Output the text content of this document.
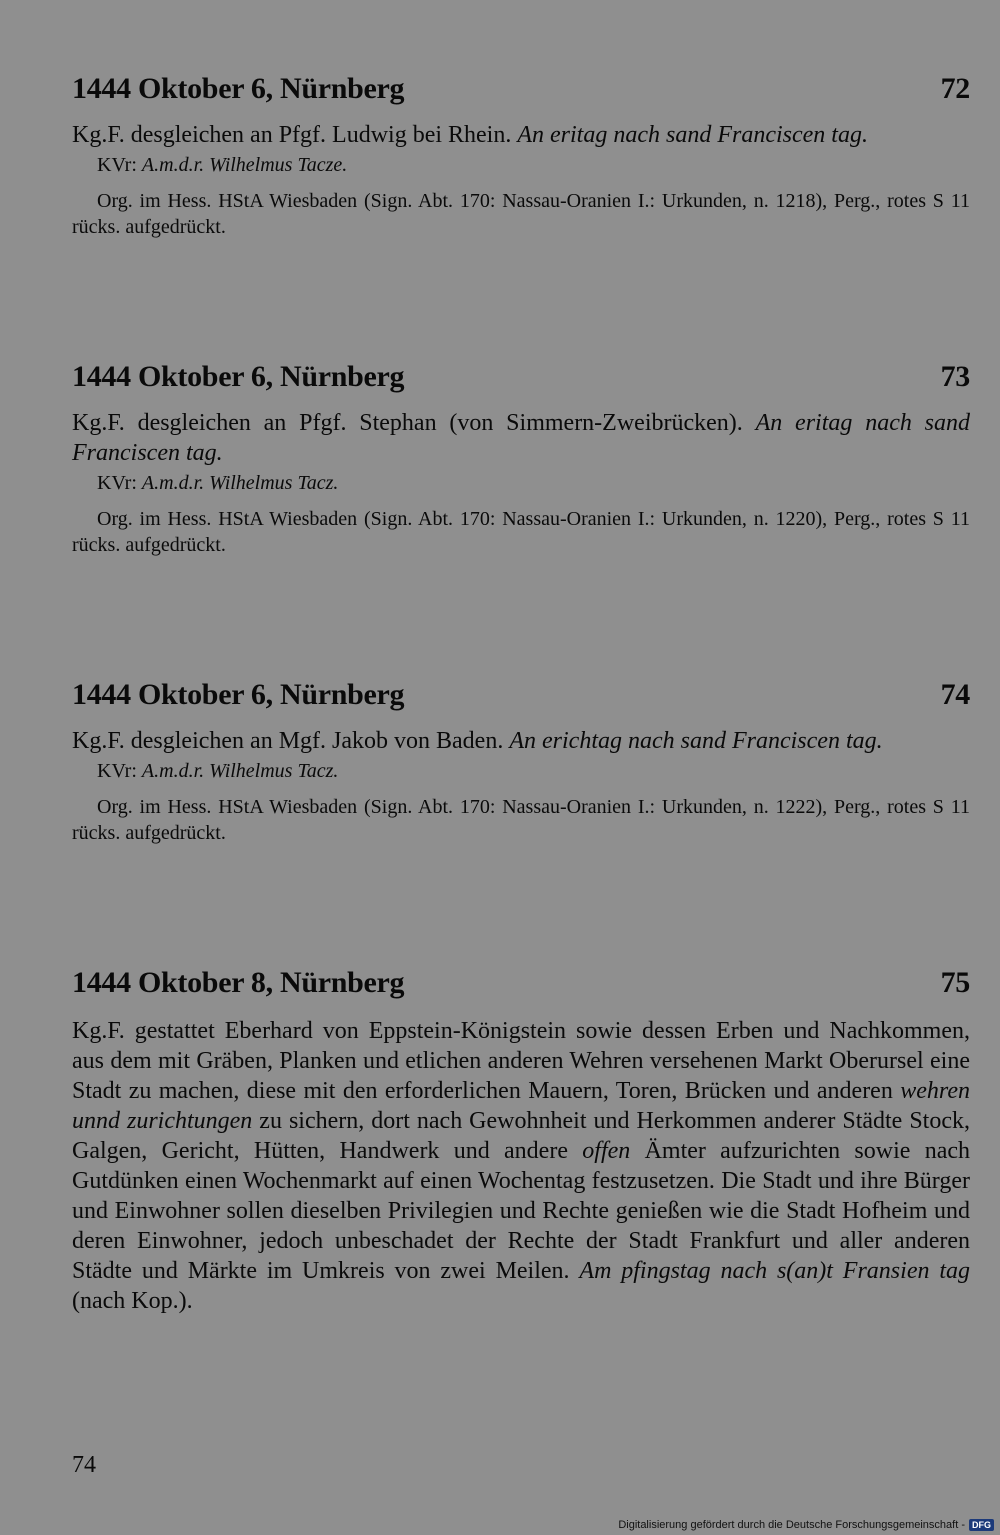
1444 Oktober 6, Nürnberg	72
Kg.F. desgleichen an Pfgf. Ludwig bei Rhein. An eritag nach sand Franciscen tag.
KVr: A.m.d.r. Wilhelmus Tacze.
Org. im Hess. HStA Wiesbaden (Sign. Abt. 170: Nassau-Oranien I.: Urkunden, n. 1218), Perg., rotes S 11 rücks. aufgedrückt.
1444 Oktober 6, Nürnberg	73
Kg.F. desgleichen an Pfgf. Stephan (von Simmern-Zweibrücken). An eritag nach sand Franciscen tag.
KVr: A.m.d.r. Wilhelmus Tacz.
Org. im Hess. HStA Wiesbaden (Sign. Abt. 170: Nassau-Oranien I.: Urkunden, n. 1220), Perg., rotes S 11 rücks. aufgedrückt.
1444 Oktober 6, Nürnberg	74
Kg.F. desgleichen an Mgf. Jakob von Baden. An erichtag nach sand Franciscen tag.
KVr: A.m.d.r. Wilhelmus Tacz.
Org. im Hess. HStA Wiesbaden (Sign. Abt. 170: Nassau-Oranien I.: Urkunden, n. 1222), Perg., rotes S 11 rücks. aufgedrückt.
1444 Oktober 8, Nürnberg	75
Kg.F. gestattet Eberhard von Eppstein-Königstein sowie dessen Erben und Nachkommen, aus dem mit Gräben, Planken und etlichen anderen Wehren versehenen Markt Oberursel eine Stadt zu machen, diese mit den erforderlichen Mauern, Toren, Brücken und anderen wehren unnd zurichtungen zu sichern, dort nach Gewohnheit und Herkommen anderer Städte Stock, Galgen, Gericht, Hütten, Handwerk und andere offen Ämter aufzurichten sowie nach Gutdünken einen Wochenmarkt auf einen Wochentag festzusetzen. Die Stadt und ihre Bürger und Einwohner sollen dieselben Privilegien und Rechte genießen wie die Stadt Hofheim und deren Einwohner, jedoch unbeschadet der Rechte der Stadt Frankfurt und aller anderen Städte und Märkte im Umkreis von zwei Meilen. Am pfingstag nach s(an)t Fransien tag (nach Kop.).
74
Digitalisierung gefördert durch die Deutsche Forschungsgemeinschaft - DFG
